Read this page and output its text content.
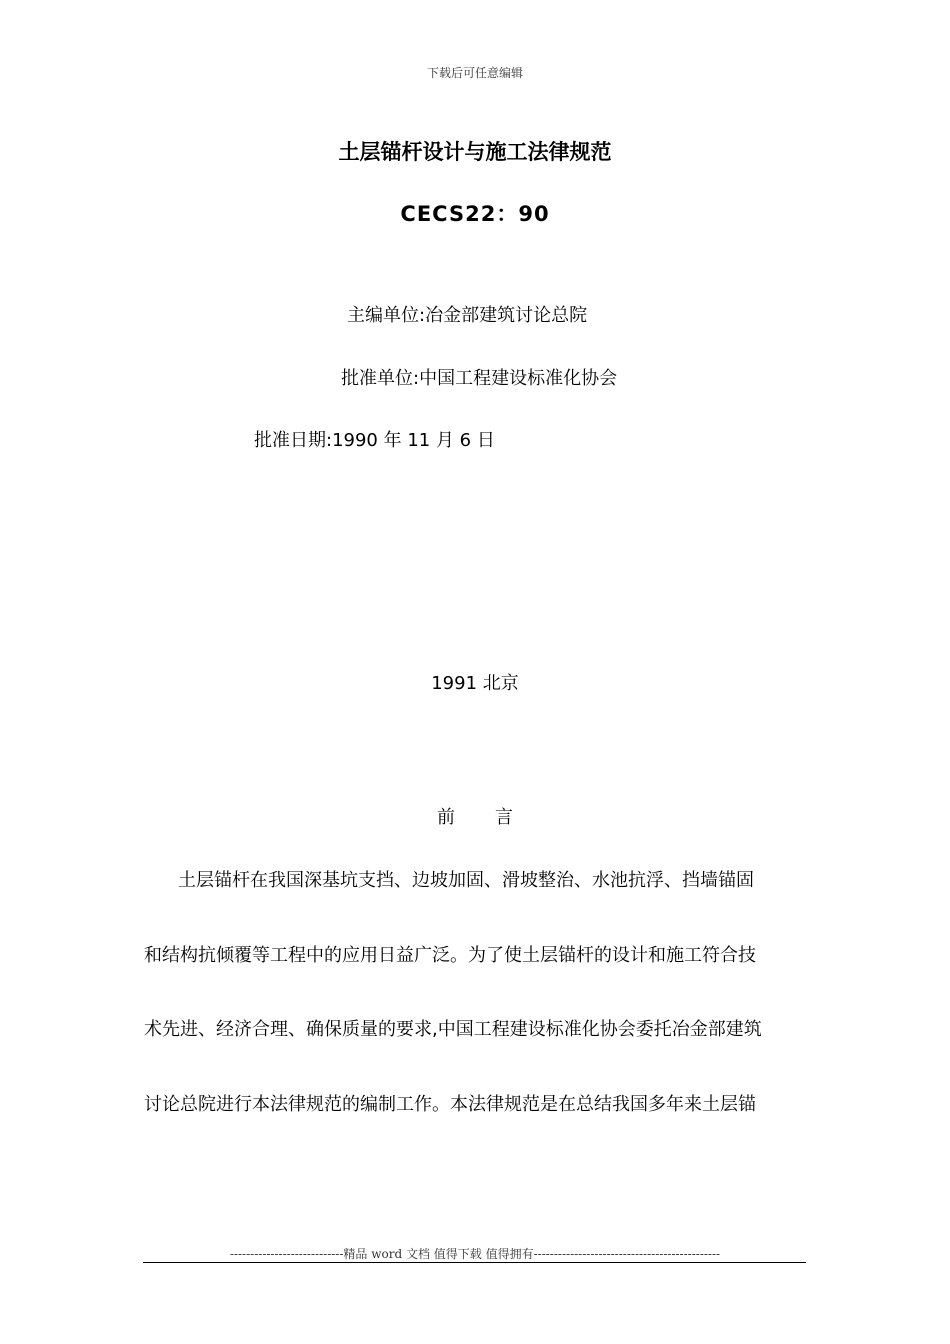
下载后可任意编辑
土层锚杆设计与施工法律规范
CECS22：90
主编单位:冶金部建筑讨论总院
批准单位:中国工程建设标准化协会
批准日期:1990 年 11 月 6 日
1991 北京
前 言
土层锚杆在我国深基坑支挡、边坡加固、滑坡整治、水池抗浮、挡墙锚固
和结构抗倾覆等工程中的应用日益广泛。为了使土层锚杆的设计和施工符合技
术先进、经济合理、确保质量的要求,中国工程建设标准化协会委托冶金部建筑
讨论总院进行本法律规范的编制工作。本法律规范是在总结我国多年来土层锚
----------------------------精品 word 文档 值得下载 值得拥有----------------------------------------------
